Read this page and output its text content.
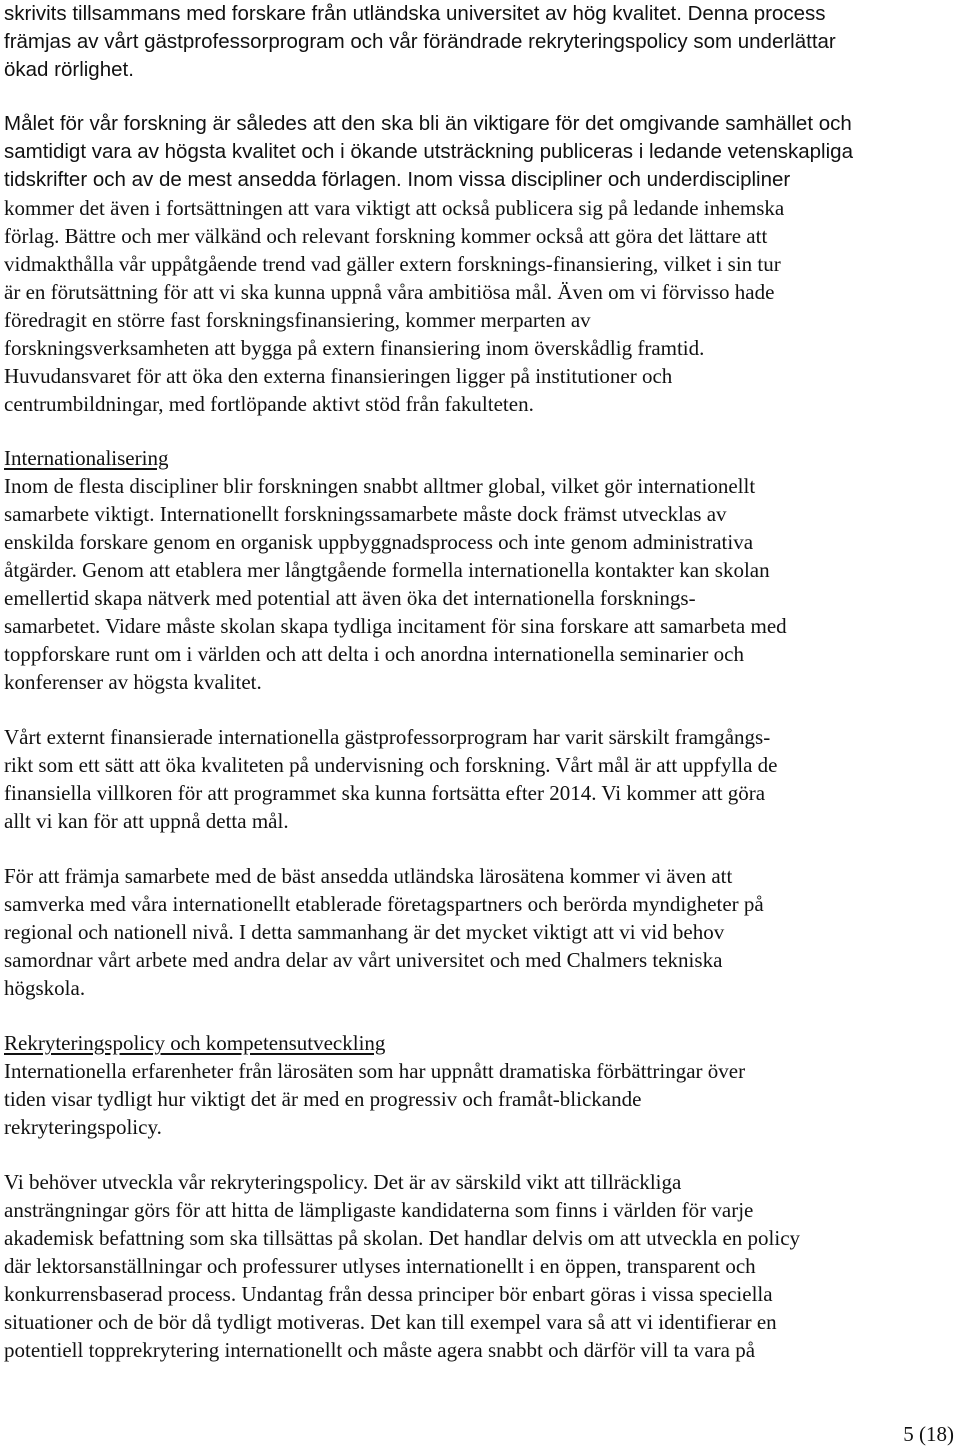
skrivits tillsammans med forskare från utländska universitet av hög kvalitet. Denna process

främjas av vårt gästprofessorprogram och vår förändrade rekryteringspolicy som underlättar

ökad rörlighet.

Målet för vår forskning är således att den ska bli än viktigare för det omgivande samhället och

samtidigt vara av högsta kvalitet och i ökande utsträckning publiceras i ledande vetenskapliga

tidskrifter och av de mest ansedda förlagen. Inom vissa discipliner och underdiscipliner

kommer det även i fortsättningen att vara viktigt att också publicera sig på ledande inhemska

förlag. Bättre och mer välkänd och relevant forskning kommer också att göra det lättare att

vidmakthålla vår uppåtgående trend vad gäller extern forsknings-finansiering, vilket i sin tur

är en förutsättning för att vi ska kunna uppnå våra ambitiösa mål. Även om vi förvisso hade

föredragit en större fast forskningsfinansiering, kommer merparten av

forskningsverksamheten att bygga på extern finansiering inom överskådlig framtid.

Huvudansvaret för att öka den externa finansieringen ligger på institutioner och

centrumbildningar, med fortlöpande aktivt stöd från fakulteten.

Internationalisering

Inom de flesta discipliner blir forskningen snabbt alltmer global, vilket gör internationellt

samarbete viktigt. Internationellt forskningssamarbete måste dock främst utvecklas av

enskilda forskare genom en organisk uppbyggnadsprocess och inte genom administrativa

åtgärder. Genom att etablera mer långtgående formella internationella kontakter kan skolan

emellertid skapa nätverk med potential att även öka det internationella forsknings-

samarbetet. Vidare måste skolan skapa tydliga incitament för sina forskare att samarbeta med

toppforskare runt om i världen och att delta i och anordna internationella seminarier och

konferenser av högsta kvalitet.

Vårt externt finansierade internationella gästprofessorprogram har varit särskilt framgångs-

rikt som ett sätt att öka kvaliteten på undervisning och forskning. Vårt mål är att uppfylla de

finansiella villkoren för att programmet ska kunna fortsätta efter 2014. Vi kommer att göra

allt vi kan för att uppnå detta mål.

För att främja samarbete med de bäst ansedda utländska lärosätena kommer vi även att

samverka med våra internationellt etablerade företagspartners och berörda myndigheter på

regional och nationell nivå. I detta sammanhang är det mycket viktigt att vi vid behov

samordnar vårt arbete med andra delar av vårt universitet och med Chalmers tekniska

högskola.

Rekryteringspolicy och kompetensutveckling

Internationella erfarenheter från lärosäten som har uppnått dramatiska förbättringar över

tiden visar tydligt hur viktigt det är med en progressiv och framåt-blickande

rekryteringspolicy.

Vi behöver utveckla vår rekryteringspolicy. Det är av särskild vikt att tillräckliga

ansträngningar görs för att hitta de lämpligaste kandidaterna som finns i världen för varje

akademisk befattning som ska tillsättas på skolan. Det handlar delvis om att utveckla en policy

där lektorsanställningar och professurer utlyses internationellt i en öppen, transparent och

konkurrensbaserad process. Undantag från dessa principer bör enbart göras i vissa speciella

situationer och de bör då tydligt motiveras. Det kan till exempel vara så att vi identifierar en

potentiell topprekrytering internationellt och måste agera snabbt och därför vill ta vara på

5 (18)
